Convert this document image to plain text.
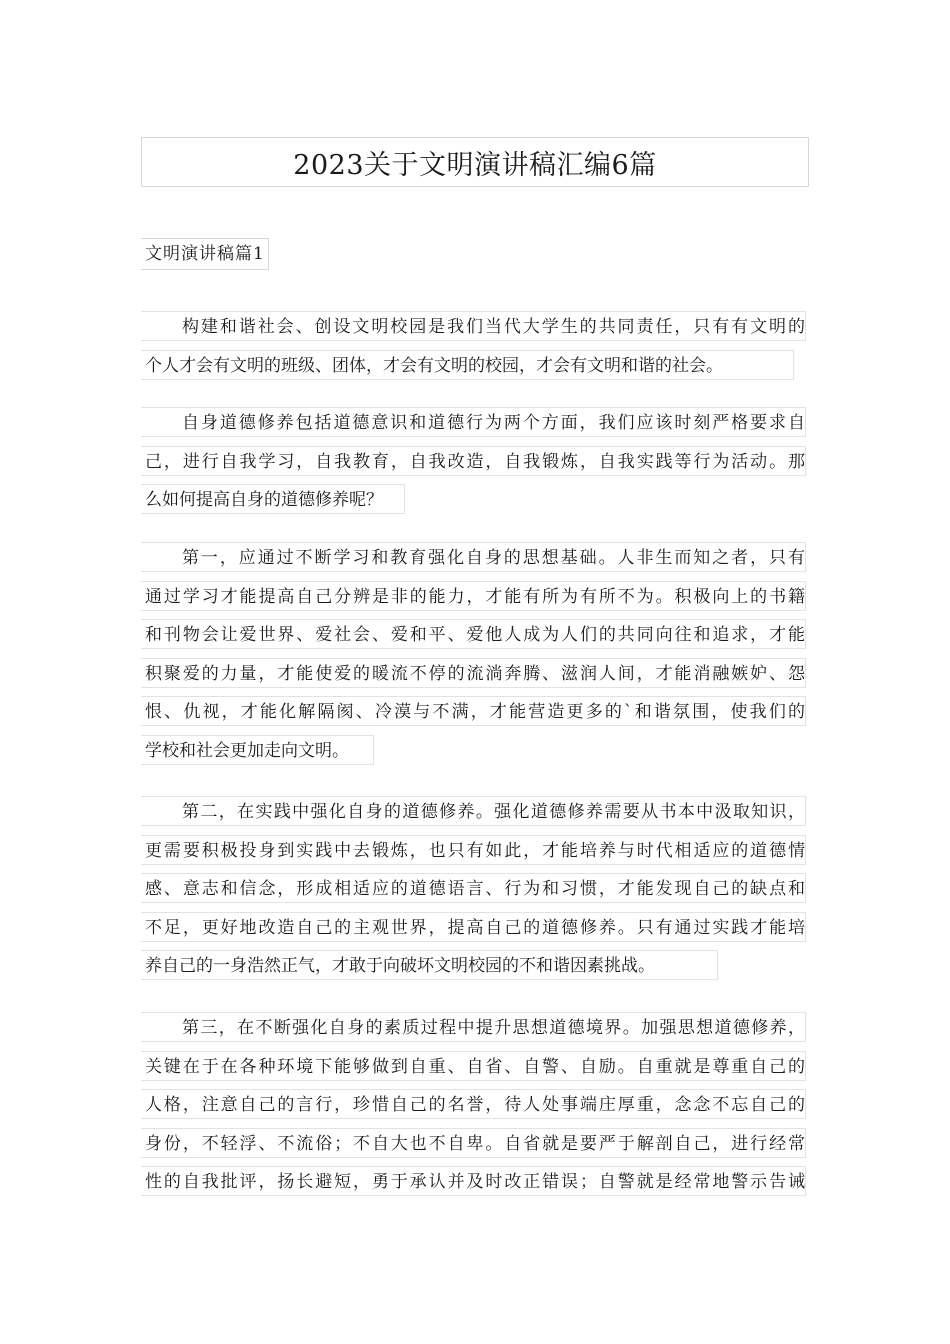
2023关于文明演讲稿汇编6篇
文明演讲稿篇1
构建和谐社会、创设文明校园是我们当代大学生的共同责任，只有有文明的
个人才会有文明的班级、团体，才会有文明的校园，才会有文明和谐的社会。
自身道德修养包括道德意识和道德行为两个方面，我们应该时刻严格要求自
己，进行自我学习，自我教育，自我改造，自我锻炼，自我实践等行为活动。那
么如何提高自身的道德修养呢？
第一，应通过不断学习和教育强化自身的思想基础。人非生而知之者，只有
通过学习才能提高自己分辨是非的能力，才能有所为有所不为。积极向上的书籍
和刊物会让爱世界、爱社会、爱和平、爱他人成为人们的共同向往和追求，才能
积聚爱的力量，才能使爱的暖流不停的流淌奔腾、滋润人间，才能消融嫉妒、怨
恨、仇视，才能化解隔阂、冷漠与不满，才能营造更多的`和谐氛围，使我们的
学校和社会更加走向文明。
第二，在实践中强化自身的道德修养。强化道德修养需要从书本中汲取知识，
更需要积极投身到实践中去锻炼，也只有如此，才能培养与时代相适应的道德情
感、意志和信念，形成相适应的道德语言、行为和习惯，才能发现自己的缺点和
不足，更好地改造自己的主观世界，提高自己的道德修养。只有通过实践才能培
养自己的一身浩然正气，才敢于向破坏文明校园的不和谐因素挑战。
第三，在不断强化自身的素质过程中提升思想道德境界。加强思想道德修养，
关键在于在各种环境下能够做到自重、自省、自警、自励。自重就是尊重自己的
人格，注意自己的言行，珍惜自己的名誉，待人处事端庄厚重，念念不忘自己的
身份，不轻浮、不流俗；不自大也不自卑。自省就是要严于解剖自己，进行经常
性的自我批评，扬长避短，勇于承认并及时改正错误；自警就是经常地警示告诫
